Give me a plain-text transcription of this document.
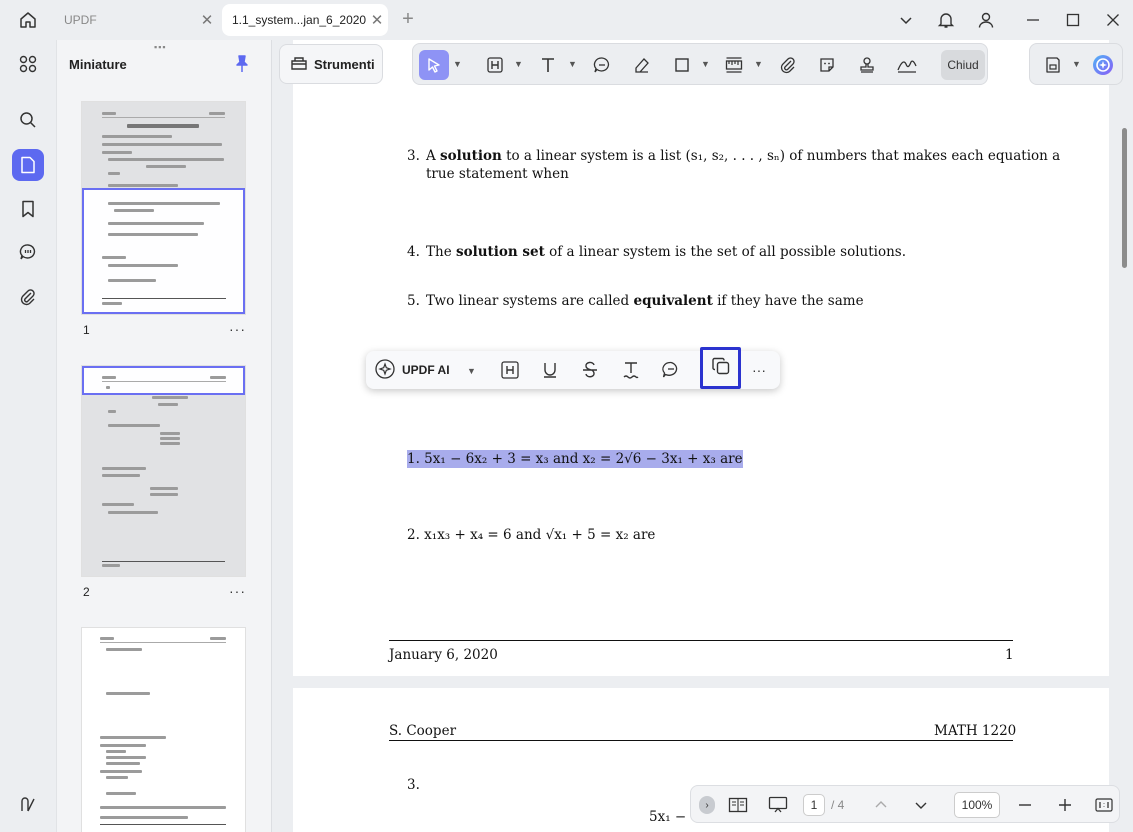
UPDF	✕	1.1_system...jan_6_2020 ✕ +
▪▪▪
Miniature
1	···
2	···
3. A solution to a linear system is a list (s₁, s₂, . . . , sₙ) of numbers that makes each equation a
true statement when
4. The solution set of a linear system is the set of all possible solutions.
5. Two linear systems are called equivalent if they have the same
1. 5x₁ − 6x₂ + 3 = x₃ and x₂ = 2√6 − 3x₁ + x₃ are
2. x₁x₃ + x₄ = 6 and √x₁ + 5 = x₂ are
January 6, 2020	1
S. Cooper	MATH 1220
3.
5x₁ −
Strumenti	▼	▼	▼	▼	▼	Chiud	▼
UPDF AI ▼	···
›	1	/ 4	100%
